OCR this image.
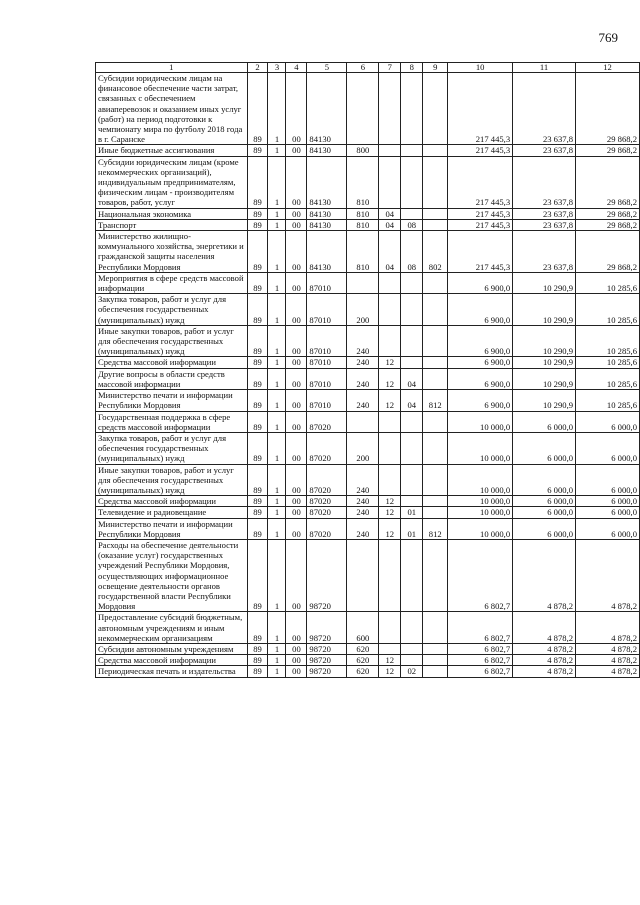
769
1	2	3	4	5	6	7	8	9	10	11	12
Субсидии юридическим лицам на финансовое обеспечение части затрат, связанных с обеспечением авиаперевозок и оказанием иных услуг (работ) на период подготовки к чемпионату мира по футболу 2018 года в г. Саранске	89	1	00	84130					217 445,3	23 637,8	29 868,2
Иные бюджетные ассигнования	89	1	00	84130	800				217 445,3	23 637,8	29 868,2
Субсидии юридическим лицам (кроме некоммерческих организаций), индивидуальным предпринимателям, физическим лицам - производителям товаров, работ, услуг	89	1	00	84130	810				217 445,3	23 637,8	29 868,2
Национальная экономика	89	1	00	84130	810	04			217 445,3	23 637,8	29 868,2
Транспорт	89	1	00	84130	810	04	08		217 445,3	23 637,8	29 868,2
Министерство жилищно-коммунального хозяйства, энергетики и гражданской защиты населения Республики Мордовия	89	1	00	84130	810	04	08	802	217 445,3	23 637,8	29 868,2
Мероприятия в сфере средств массовой информации	89	1	00	87010					6 900,0	10 290,9	10 285,6
Закупка товаров, работ и услуг для обеспечения государственных (муниципальных) нужд	89	1	00	87010	200				6 900,0	10 290,9	10 285,6
Иные закупки товаров, работ и услуг для обеспечения государственных (муниципальных) нужд	89	1	00	87010	240				6 900,0	10 290,9	10 285,6
Средства массовой информации	89	1	00	87010	240	12			6 900,0	10 290,9	10 285,6
Другие вопросы в области средств массовой информации	89	1	00	87010	240	12	04		6 900,0	10 290,9	10 285,6
Министерство печати и информации Республики Мордовия	89	1	00	87010	240	12	04	812	6 900,0	10 290,9	10 285,6
Государственная поддержка в сфере средств массовой информации	89	1	00	87020					10 000,0	6 000,0	6 000,0
Закупка товаров, работ и услуг для обеспечения государственных (муниципальных) нужд	89	1	00	87020	200				10 000,0	6 000,0	6 000,0
Иные закупки товаров, работ и услуг для обеспечения государственных (муниципальных) нужд	89	1	00	87020	240				10 000,0	6 000,0	6 000,0
Средства массовой информации	89	1	00	87020	240	12			10 000,0	6 000,0	6 000,0
Телевидение и радиовещание	89	1	00	87020	240	12	01		10 000,0	6 000,0	6 000,0
Министерство печати и информации Республики Мордовия	89	1	00	87020	240	12	01	812	10 000,0	6 000,0	6 000,0
Расходы на обеспечение деятельности (оказание услуг) государственных учреждений Республики Мордовия, осуществляющих информационное освещение деятельности органов государственной власти Республики Мордовия	89	1	00	98720					6 802,7	4 878,2	4 878,2
Предоставление субсидий бюджетным, автономным учреждениям и иным некоммерческим организациям	89	1	00	98720	600				6 802,7	4 878,2	4 878,2
Субсидии автономным учреждениям	89	1	00	98720	620				6 802,7	4 878,2	4 878,2
Средства массовой информации	89	1	00	98720	620	12			6 802,7	4 878,2	4 878,2
Периодическая печать и издательства	89	1	00	98720	620	12	02		6 802,7	4 878,2	4 878,2
